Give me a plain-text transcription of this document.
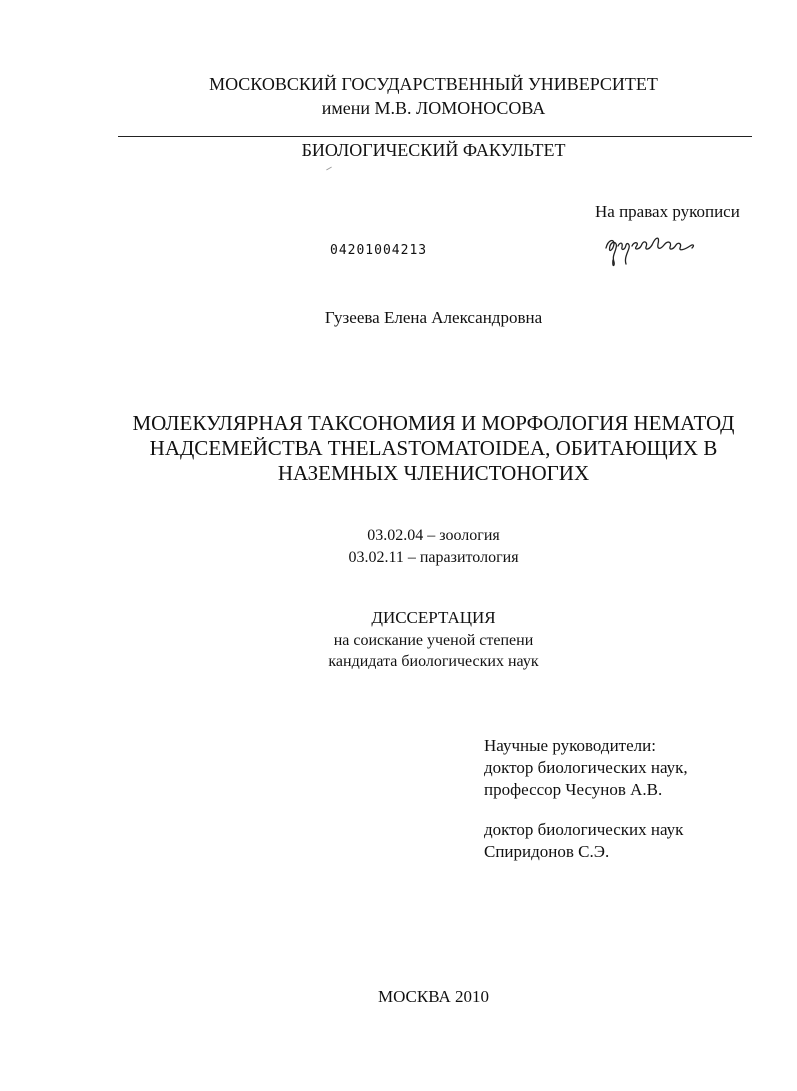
МОСКОВСКИЙ ГОСУДАРСТВЕННЫЙ УНИВЕРСИТЕТ
имени М.В. ЛОМОНОСОВА
БИОЛОГИЧЕСКИЙ ФАКУЛЬТЕТ
На правах рукописи
04201004213
Гузеева Елена Александровна
МОЛЕКУЛЯРНАЯ ТАКСОНОМИЯ И МОРФОЛОГИЯ НЕМАТОД
НАДСЕМЕЙСТВА THELASTOMATOIDEA, ОБИТАЮЩИХ В
НАЗЕМНЫХ ЧЛЕНИСТОНОГИХ
03.02.04 – зоология
03.02.11 – паразитология
ДИССЕРТАЦИЯ
на соискание ученой степени
кандидата биологических наук
Научные руководители:
доктор биологических наук,
профессор Чесунов А.В.
доктор биологических наук
Спиридонов С.Э.
МОСКВА 2010
